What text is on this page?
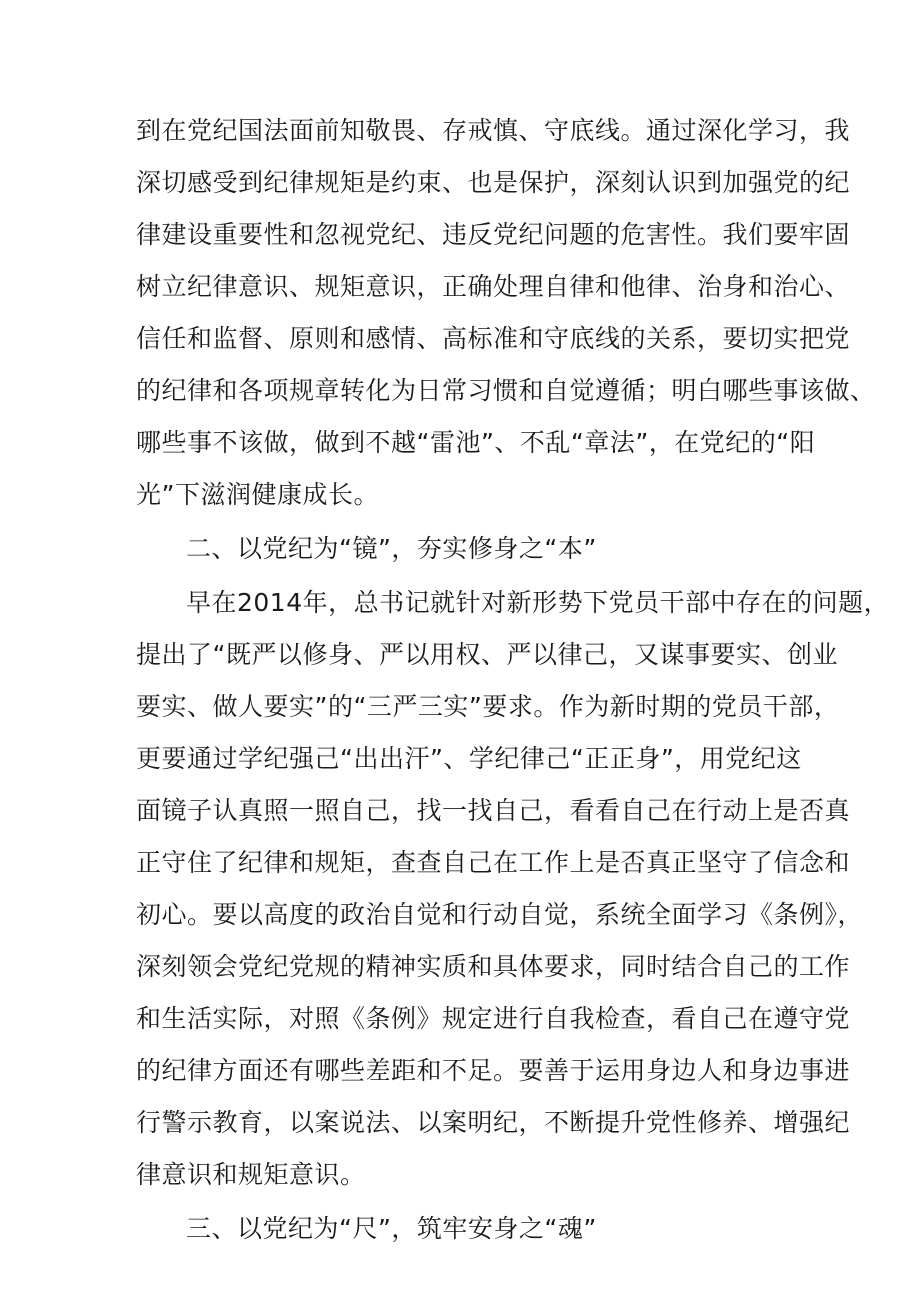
到在党纪国法面前知敬畏、存戒慎、守底线。通过深化学习，我
深切感受到纪律规矩是约束、也是保护，深刻认识到加强党的纪
律建设重要性和忽视党纪、违反党纪问题的危害性。我们要牢固
树立纪律意识、规矩意识，正确处理自律和他律、治身和治心、
信任和监督、原则和感情、高标准和守底线的关系，要切实把党
的纪律和各项规章转化为日常习惯和自觉遵循；明白哪些事该做、
哪些事不该做，做到不越“雷池”、不乱“章法”，在党纪的“阳
光”下滋润健康成长。
二、以党纪为“镜”，夯实修身之“本”
早在2014年，总书记就针对新形势下党员干部中存在的问题，
提出了“既严以修身、严以用权、严以律己，又谋事要实、创业
要实、做人要实”的“三严三实”要求。作为新时期的党员干部，
更要通过学纪强己“出出汗”、学纪律己“正正身”，用党纪这
面镜子认真照一照自己，找一找自己，看看自己在行动上是否真
正守住了纪律和规矩，查查自己在工作上是否真正坚守了信念和
初心。要以高度的政治自觉和行动自觉，系统全面学习《条例》，
深刻领会党纪党规的精神实质和具体要求，同时结合自己的工作
和生活实际，对照《条例》规定进行自我检查，看自己在遵守党
的纪律方面还有哪些差距和不足。要善于运用身边人和身边事进
行警示教育，以案说法、以案明纪，不断提升党性修养、增强纪
律意识和规矩意识。
三、以党纪为“尺”，筑牢安身之“魂”
